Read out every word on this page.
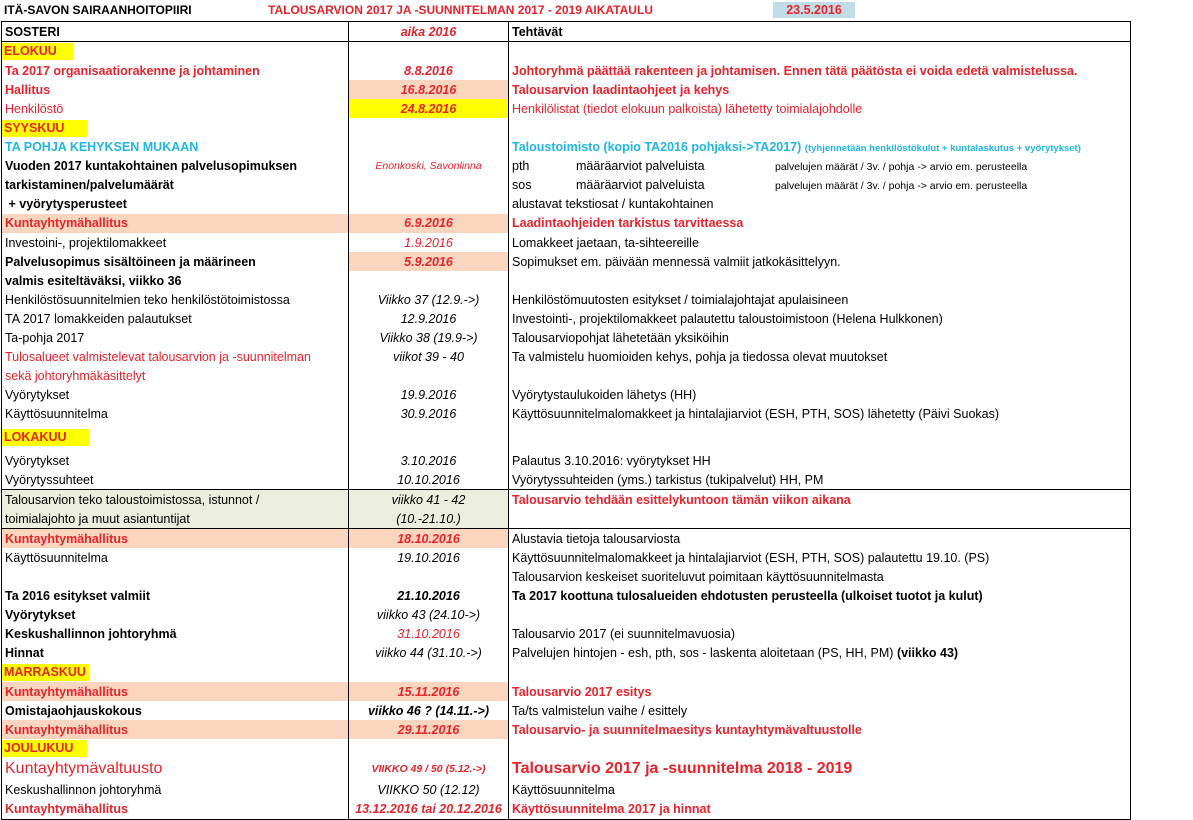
ITÄ-SAVON SAIRAANHOITOPIIRI	TALOUSARVION 2017 JA -SUUNNITELMAN 2017 - 2019 AIKATAULU	23.5.2016
SOSTERI	aika 2016	Tehtävät
ELOKUU		
Ta 2017 organisaatiorakenne ja johtaminen	8.8.2016	Johtoryhmä päättää rakenteen ja johtamisen. Ennen tätä päätösta ei voida edetä valmistelussa.
Hallitus	16.8.2016	Talousarvion laadintaohjeet ja kehys
Henkilöstö	24.8.2016	Henkilölistat (tiedot elokuun palkoista) lähetetty toimialajohdolle
SYYSKUU		
TA POHJA KEHYKSEN MUKAAN		Taloustoimisto (kopio TA2016 pohjaksi->TA2017) (tyhjennetään henkilöstökulut + kuntalaskutus + vyörytykset)
Vuoden 2017 kuntakohtainen palvelusopimuksen	Enonkoski, Savonlinna	pth määräarviot palveluista palvelujen määrät / 3v. / pohja -> arvio em. perusteella
tarkistaminen/palvelumäärät		sos määräarviot palveluista palvelujen määrät / 3v. / pohja -> arvio em. perusteella
+ vyörytysperusteet		alustavat tekstiosat / kuntakohtainen
Kuntayhtymähallitus	6.9.2016	Laadintaohjeiden tarkistus tarvittaessa
Investoini-, projektilomakkeet	1.9.2016	Lomakkeet jaetaan, ta-sihteereille
Palvelusopimus sisältöineen ja määrineen	5.9.2016	Sopimukset em. päivään mennessä valmiit jatkokäsittelyyn.
valmis esiteltäväksi, viikko 36		
Henkilöstösuunnitelmien teko henkilöstötoimistossa	Viikko 37 (12.9.->)	Henkilöstömuutosten esitykset / toimialajohtajat apulaisineen
TA 2017 lomakkeiden palautukset	12.9.2016	Investointi-, projektilomakkeet palautettu taloustoimistoon (Helena Hulkkonen)
Ta-pohja 2017	Viikko 38 (19.9->)	Talousarviopohjat lähetetään yksiköihin
Tulosalueet valmistelevat talousarvion ja -suunnitelman	viikot 39 - 40	Ta valmistelu huomioiden kehys, pohja ja tiedossa olevat muutokset
sekä johtoryhmäkäsittelyt		
Vyörytykset	19.9.2016	Vyörytystaulukoiden lähetys (HH)
Käyttösuunnitelma	30.9.2016	Käyttösuunnitelmalomakkeet ja hintalajiarviot (ESH, PTH, SOS) lähetetty (Päivi Suokas)
LOKAKUU		
Vyörytykset	3.10.2016	Palautus 3.10.2016: vyörytykset HH
Vyörytyssuhteet	10.10.2016	Vyörytyssuhteiden (yms.) tarkistus (tukipalvelut) HH, PM
Talousarvion teko taloustoimistossa, istunnot /	viikko 41 - 42	Talousarvio tehdään esittelykuntoon tämän viikon aikana
toimialajohto ja muut asiantuntijat	(10.-21.10.)	
Kuntayhtymähallitus	18.10.2016	Alustavia tietoja talousarviosta
Käyttösuunnitelma	19.10.2016	Käyttösuunnitelmalomakkeet ja hintalajiarviot (ESH, PTH, SOS) palautettu 19.10. (PS)
		Talousarvion keskeiset suoriteluvut poimitaan käyttösuunnitelmasta
Ta 2016 esitykset valmiit	21.10.2016	Ta 2017 koottuna tulosalueiden ehdotusten perusteella (ulkoiset tuotot ja kulut)
Vyörytykset	viikko 43 (24.10->)	
Keskushallinnon johtoryhmä	31.10.2016	Talousarvio 2017 (ei suunnitelmavuosia)
Hinnat	viikko 44 (31.10.->)	Palvelujen hintojen - esh, pth, sos - laskenta aloitetaan (PS, HH, PM) (viikko 43)
MARRASKUU		
Kuntayhtymähallitus	15.11.2016	Talousarvio 2017 esitys
Omistajaohjauskokous	viikko 46 ? (14.11.->)	Ta/ts valmistelun vaihe / esittely
Kuntayhtymähallitus	29.11.2016	Talousarvio- ja suunnitelmaesitys kuntayhtymävaltuustolle
JOULUKUU		
Kuntayhtymävaltuusto	VIIKKO 49 / 50 (5.12.->)	Talousarvio 2017 ja -suunnitelma 2018 - 2019
Keskushallinnon johtoryhmä	VIIKKO 50 (12.12)	Käyttösuunnitelma
Kuntayhtymähallitus	13.12.2016 tai 20.12.2016	Käyttösuunnitelma 2017 ja hinnat
